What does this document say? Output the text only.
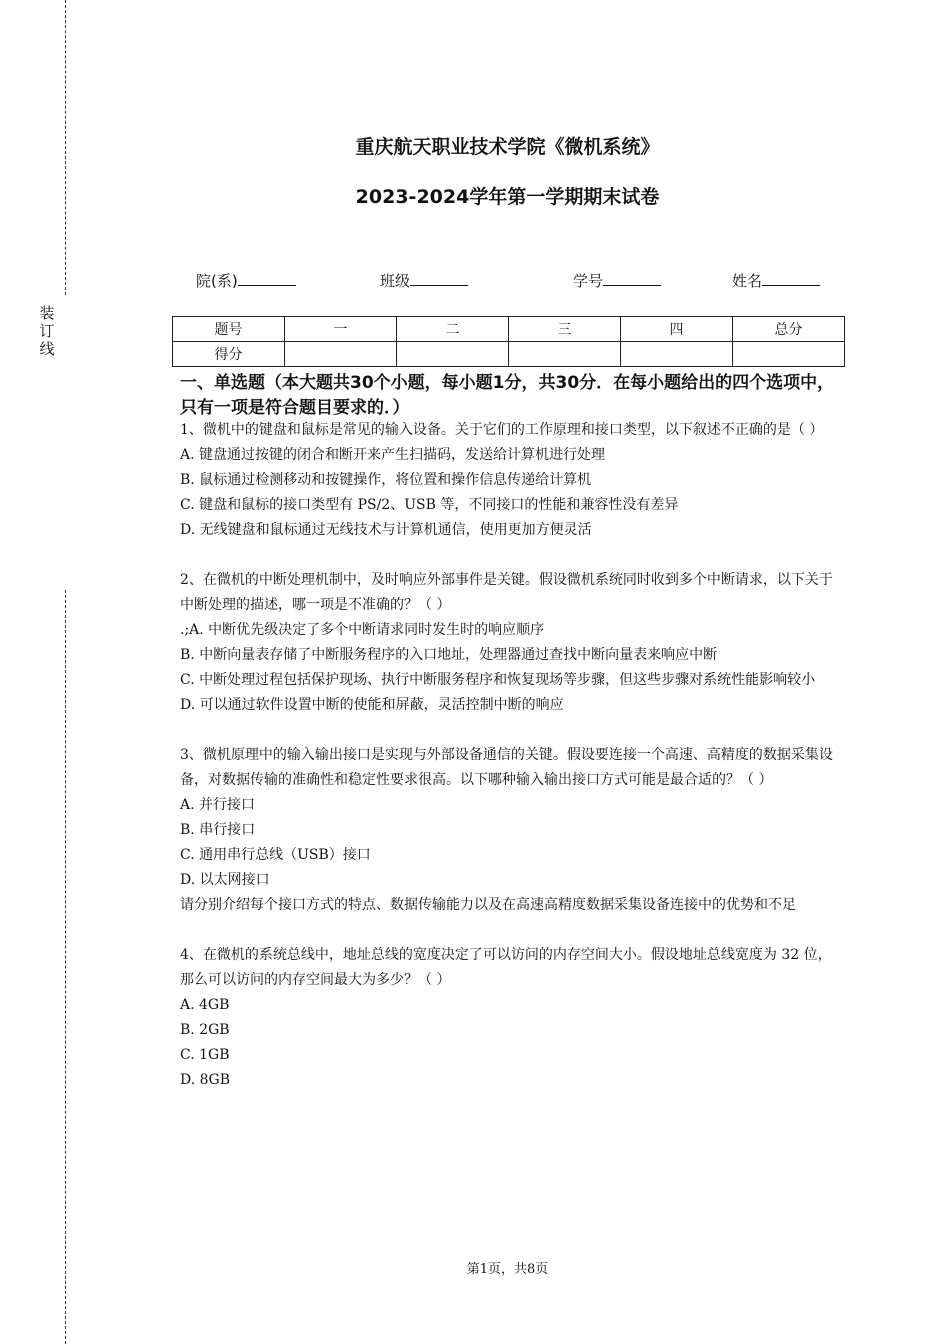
装订线
重庆航天职业技术学院《微机系统》
2023-2024学年第一学期期末试卷
院(系)	班级	学号	姓名
题号	一	二	三	四	总分
得分					
一、单选题（本大题共30个小题，每小题1分，共30分．在每小题给出的四个选项中，只有一项是符合题目要求的．）

1、微机中的键盘和鼠标是常见的输入设备。关于它们的工作原理和接口类型，以下叙述不正确的是（ ）

A. 键盘通过按键的闭合和断开来产生扫描码，发送给计算机进行处理

B. 鼠标通过检测移动和按键操作，将位置和操作信息传递给计算机

C. 键盘和鼠标的接口类型有 PS/2、USB 等，不同接口的性能和兼容性没有差异

D. 无线键盘和鼠标通过无线技术与计算机通信，使用更加方便灵活

2、在微机的中断处理机制中，及时响应外部事件是关键。假设微机系统同时收到多个中断请求，以下关于中断处理的描述，哪一项是不准确的？（ ）

.;A. 中断优先级决定了多个中断请求同时发生时的响应顺序

B. 中断向量表存储了中断服务程序的入口地址，处理器通过查找中断向量表来响应中断

C. 中断处理过程包括保护现场、执行中断服务程序和恢复现场等步骤，但这些步骤对系统性能影响较小

D. 可以通过软件设置中断的使能和屏蔽，灵活控制中断的响应

3、微机原理中的输入输出接口是实现与外部设备通信的关键。假设要连接一个高速、高精度的数据采集设备，对数据传输的准确性和稳定性要求很高。以下哪种输入输出接口方式可能是最合适的？（ ）

A. 并行接口

B. 串行接口

C. 通用串行总线（USB）接口

D. 以太网接口

请分别介绍每个接口方式的特点、数据传输能力以及在高速高精度数据采集设备连接中的优势和不足

4、在微机的系统总线中，地址总线的宽度决定了可以访问的内存空间大小。假设地址总线宽度为 32 位，那么可以访问的内存空间最大为多少？（ ）

A. 4GB

B. 2GB

C. 1GB

D. 8GB

第1页，共8页
